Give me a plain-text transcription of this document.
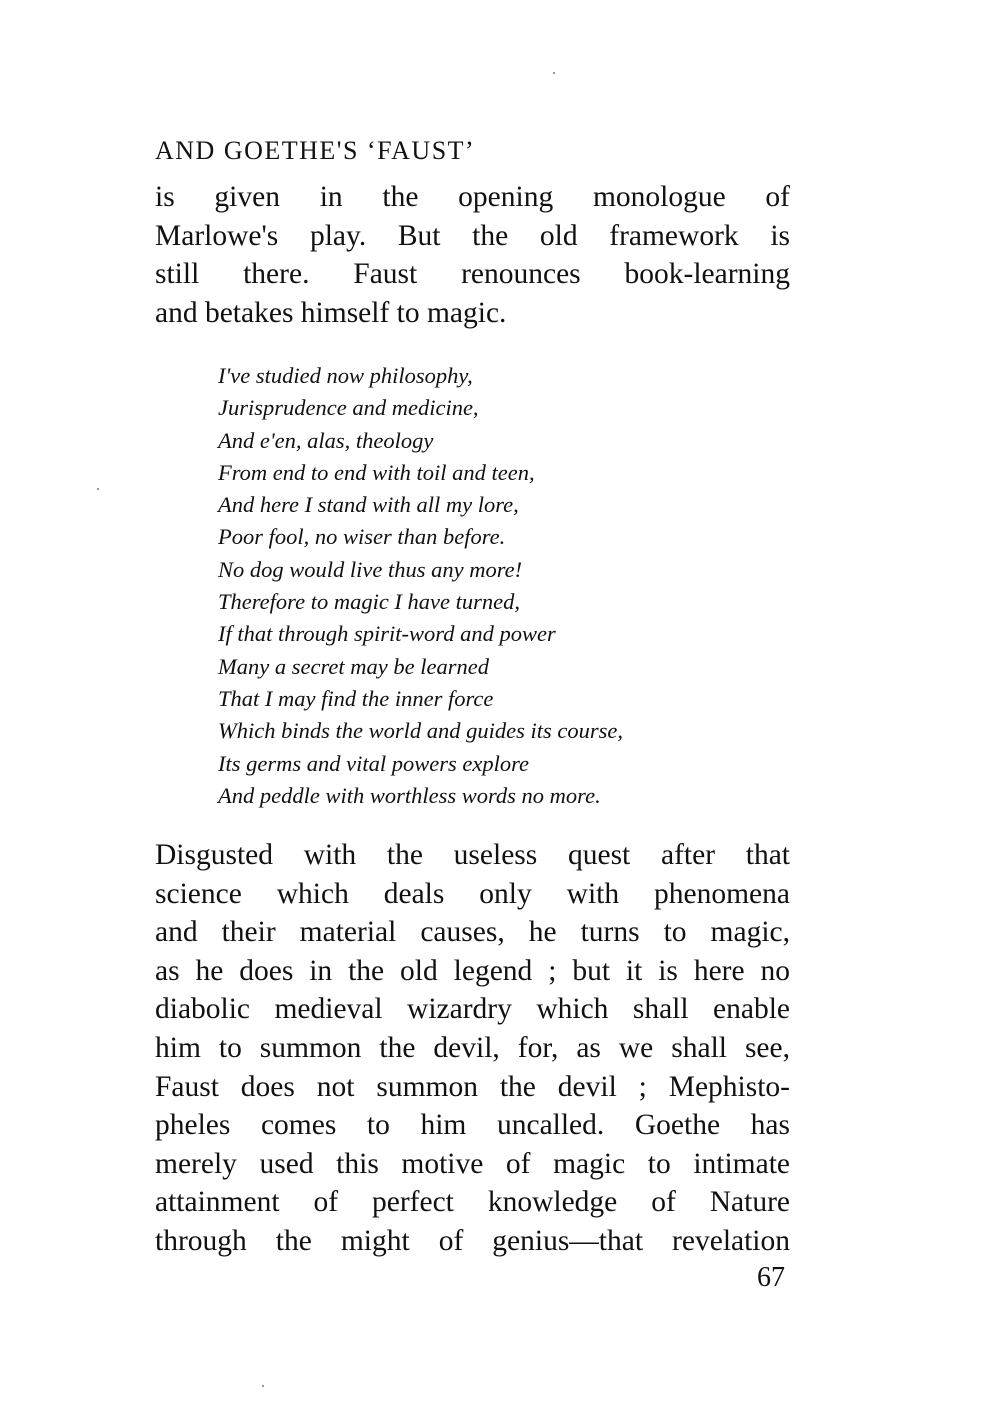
AND GOETHE'S ‘FAUST’
is given in the opening monologue of
Marlowe's play. But the old framework is
still there. Faust renounces book-learning
and betakes himself to magic.
I've studied now philosophy,
Jurisprudence and medicine,
And e'en, alas, theology
From end to end with toil and teen,
And here I stand with all my lore,
Poor fool, no wiser than before.
No dog would live thus any more!
Therefore to magic I have turned,
If that through spirit-word and power
Many a secret may be learned
That I may find the inner force
Which binds the world and guides its course,
Its germs and vital powers explore
And peddle with worthless words no more.
Disgusted with the useless quest after that
science which deals only with phenomena
and their material causes, he turns to magic,
as he does in the old legend ; but it is here no
diabolic medieval wizardry which shall enable
him to summon the devil, for, as we shall see,
Faust does not summon the devil ; Mephisto-
pheles comes to him uncalled. Goethe has
merely used this motive of magic to intimate
attainment of perfect knowledge of Nature
through the might of genius—that revelation
67
